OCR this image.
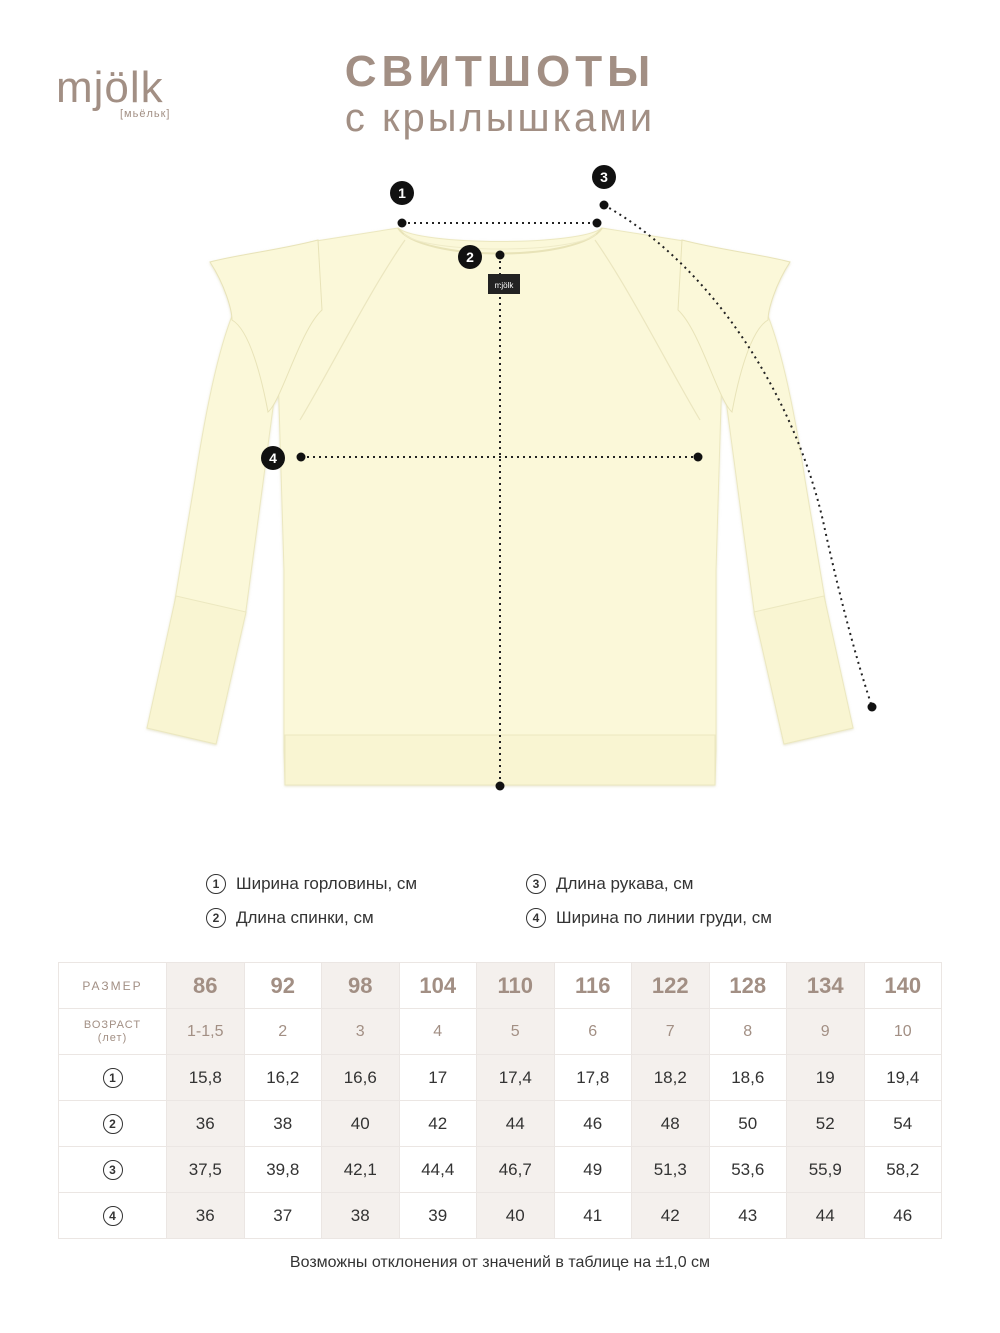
mjölk
[мьёльк]
СВИТШОТЫ
с крылышками
mjölk
1
2
3
4
1 Ширина горловины, см
2 Длина спинки, см
3 Длина рукава, см
4 Ширина по линии груди, см
РАЗМЕР	86	92	98	104	110	116	122	128	134	140

ВОЗРАСТ
(лет)	1-1,5	2	3	4	5	6	7	8	9	10
1	15,8	16,2	16,6	17	17,4	17,8	18,2	18,6	19	19,4
2	36	38	40	42	44	46	48	50	52	54
3	37,5	39,8	42,1	44,4	46,7	49	51,3	53,6	55,9	58,2
4	36	37	38	39	40	41	42	43	44	46
Возможны отклонения от значений в таблице на ±1,0 см
